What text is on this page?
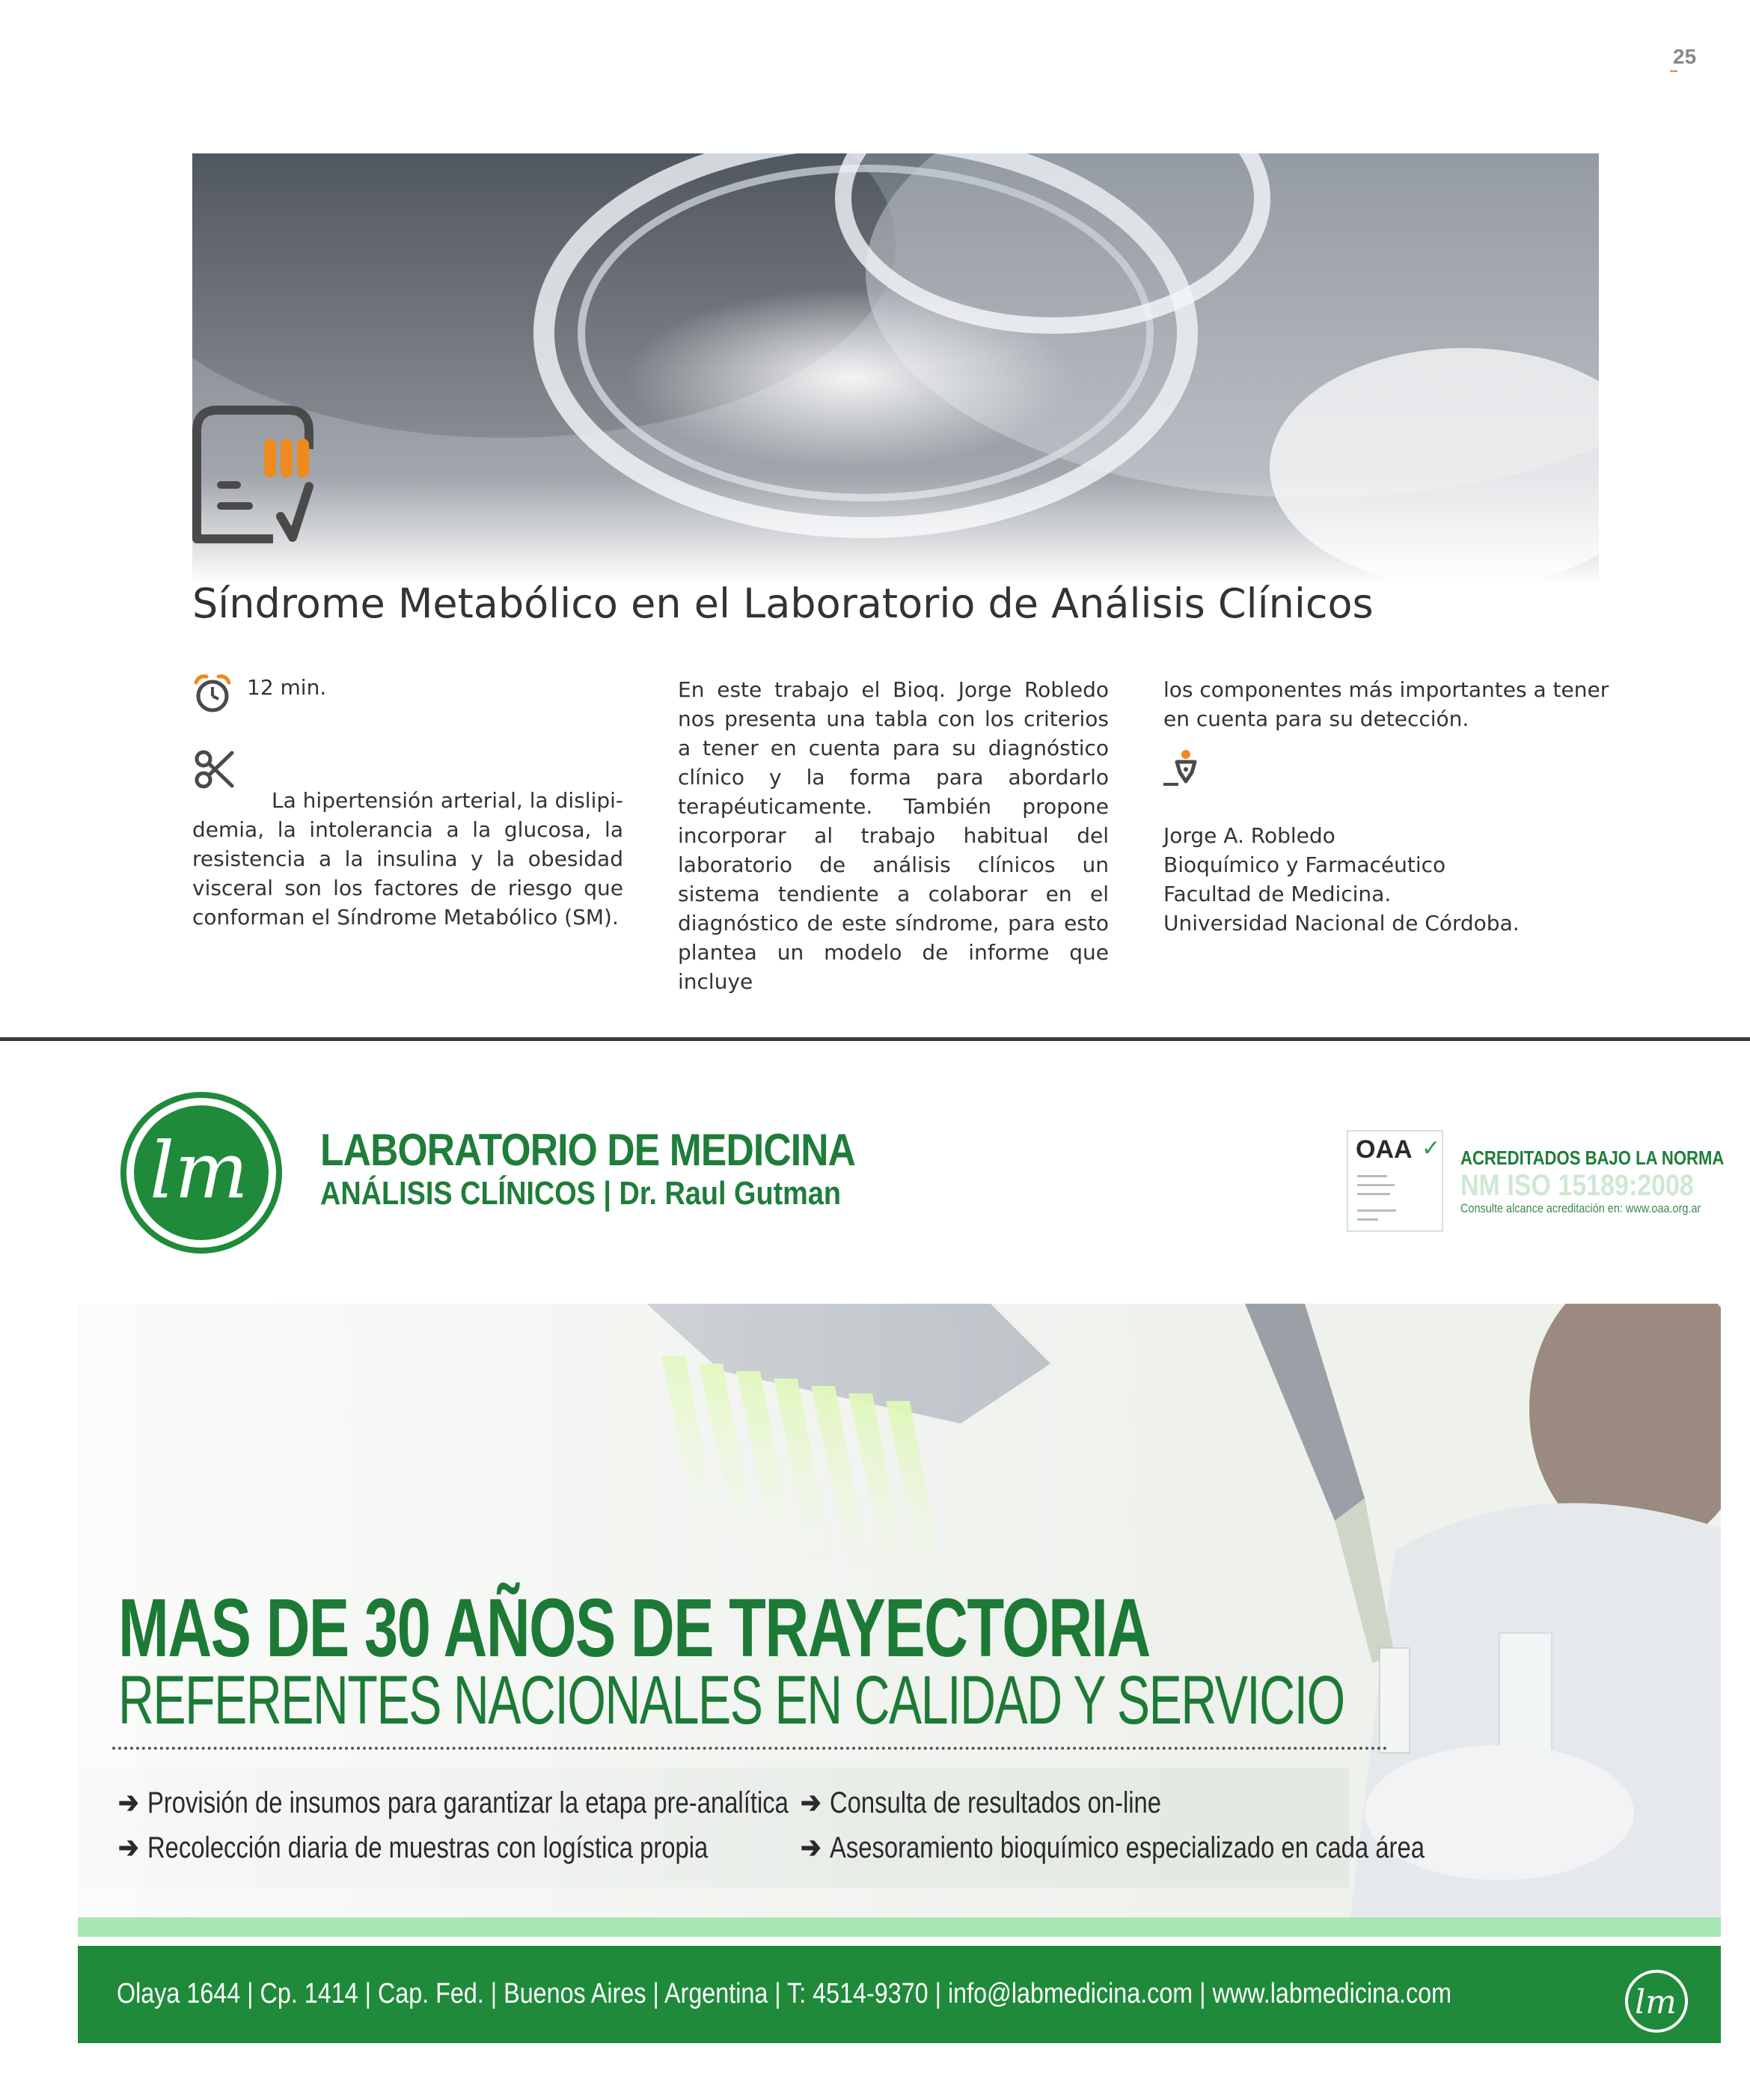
25
Síndrome Metabólico en el Laboratorio de Análisis Clínicos
12 min.
La hipertensión arterial, la dislipi- demia, la intolerancia a la glucosa, la resistencia a la insulina y la obesidad visceral son los factores de riesgo que conforman el Síndrome Metabólico (SM).
En este trabajo el Bioq. Jorge Robledo nos presenta una tabla con los criterios a tener en cuenta para su diagnóstico clínico y la forma para abordarlo terapéuticamente. También propone incorporar al trabajo habitual del laboratorio de análisis clínicos un sistema tendiente a colaborar en el diagnóstico de este síndrome, para esto plantea un modelo de informe que incluye
los componentes más importantes a tener en cuenta para su detección.
Jorge A. Robledo
Bioquímico y Farmacéutico
Facultad de Medicina.
Universidad Nacional de Córdoba.
lm LABORATORIO DE MEDICINA
ANÁLISIS CLÍNICOS | Dr. Raul Gutman
OAA ✓ ACREDITADOS BAJO LA NORMA
NM ISO 15189:2008
Consulte alcance acreditación en: www.oaa.org.ar
MAS DE 30 AÑOS DE TRAYECTORIA
REFERENTES NACIONALES EN CALIDAD Y SERVICIO
➔ Provisión de insumos para garantizar la etapa pre-analítica
➔ Recolección diaria de muestras con logística propia
➔ Consulta de resultados on-line
➔ Asesoramiento bioquímico especializado en cada área
Olaya 1644 | Cp. 1414 | Cap. Fed. | Buenos Aires | Argentina | T: 4514-9370 | info@labmedicina.com | www.labmedicina.com	lm
